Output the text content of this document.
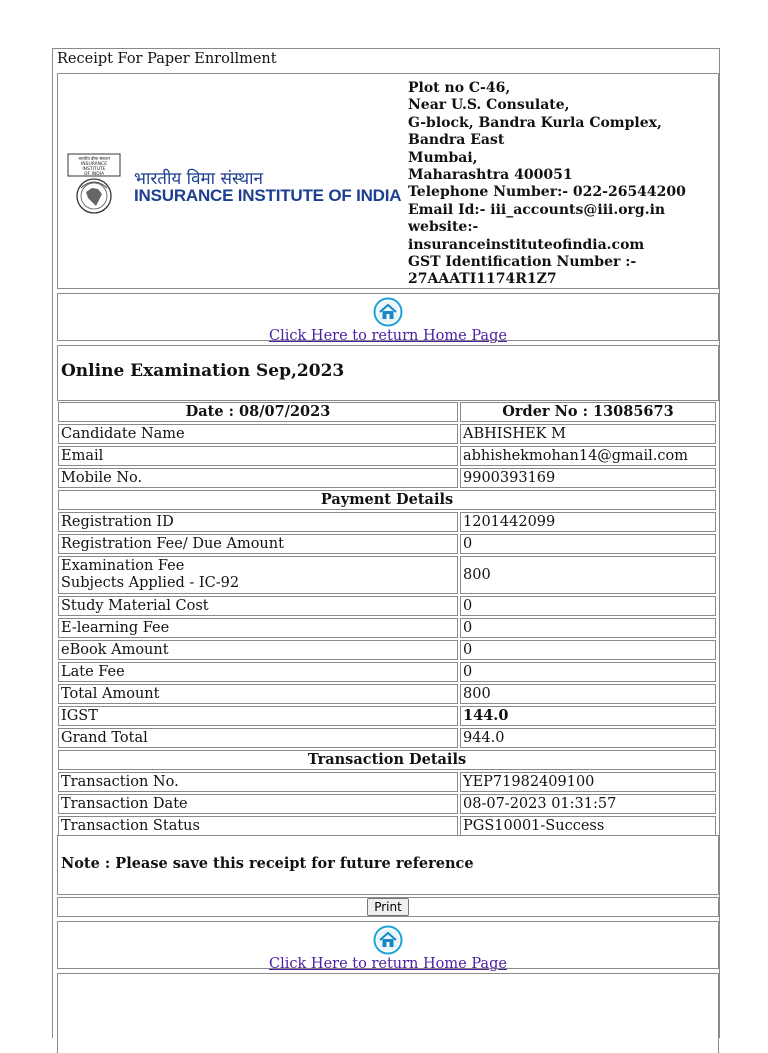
Receipt For Paper Enrollment
भारतीय बीमा संस्थान
INSURANCE
INSTITUTE
OF INDIA भारतीय विमा संस्थान
INSURANCE INSTITUTE OF INDIA
Plot no C-46,
Near U.S. Consulate,
G-block, Bandra Kurla Complex,
Bandra East
Mumbai,
Maharashtra 400051
Telephone Number:- 022-26544200
Email Id:- iii_accounts@iii.org.in
website:-
insuranceinstituteofindia.com
GST Identification Number :-
27AAATI1174R1Z7
Click Here to return Home Page
Online Examination Sep,2023
Note : Please save this receipt for future reference
Print
Click Here to return Home Page
Date : 08/07/2023	Order No : 13085673
Candidate Name	ABHISHEK M
Email	abhishekmohan14@gmail.com
Mobile No.	9900393169
Payment Details	
Registration ID	1201442099
Registration Fee/ Due Amount	0

Examination Fee
Subjects Applied - IC-92	800
Study Material Cost	0
E-learning Fee	0
eBook Amount	0
Late Fee	0
Total Amount	800
IGST	144.0
Grand Total	944.0
Transaction Details	
Transaction No.	YEP71982409100
Transaction Date	08-07-2023 01:31:57
Transaction Status	PGS10001-Success
